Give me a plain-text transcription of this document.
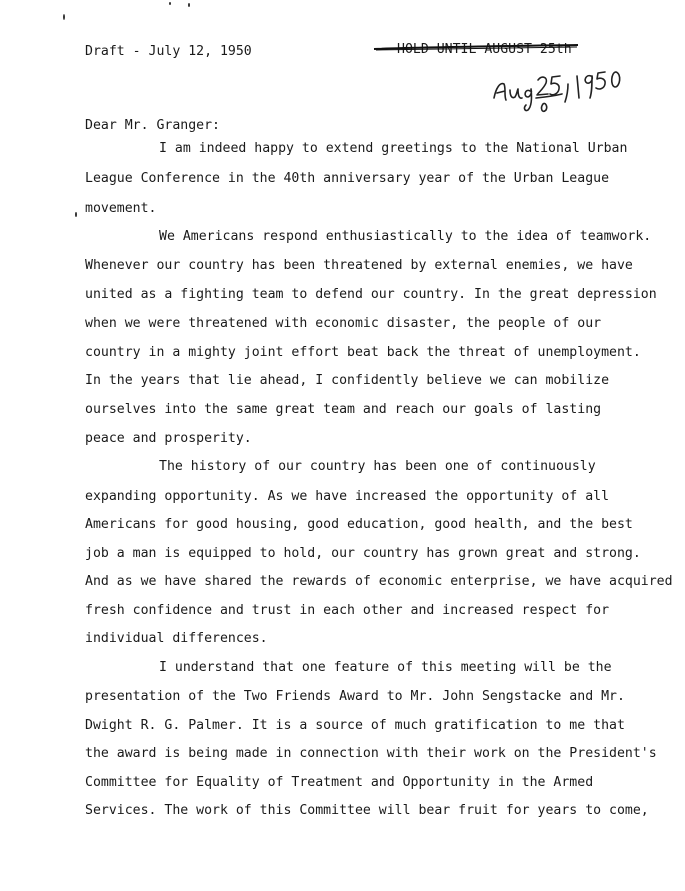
Draft - July 12, 1950	HOLD UNTIL AUGUST 25th
Dear Mr. Granger:
I am indeed happy to extend greetings to the National Urban
League Conference in the 40th anniversary year of the Urban League
movement.
We Americans respond enthusiastically to the idea of teamwork.
Whenever our country has been threatened by external enemies, we have
united as a fighting team to defend our country. In the great depression
when we were threatened with economic disaster, the people of our
country in a mighty joint effort beat back the threat of unemployment.
In the years that lie ahead, I confidently believe we can mobilize
ourselves into the same great team and reach our goals of lasting
peace and prosperity.
The history of our country has been one of continuously
expanding opportunity. As we have increased the opportunity of all
Americans for good housing, good education, good health, and the best
job a man is equipped to hold, our country has grown great and strong.
And as we have shared the rewards of economic enterprise, we have acquired
fresh confidence and trust in each other and increased respect for
individual differences.
I understand that one feature of this meeting will be the
presentation of the Two Friends Award to Mr. John Sengstacke and Mr.
Dwight R. G. Palmer. It is a source of much gratification to me that
the award is being made in connection with their work on the President's
Committee for Equality of Treatment and Opportunity in the Armed
Services. The work of this Committee will bear fruit for years to come,
